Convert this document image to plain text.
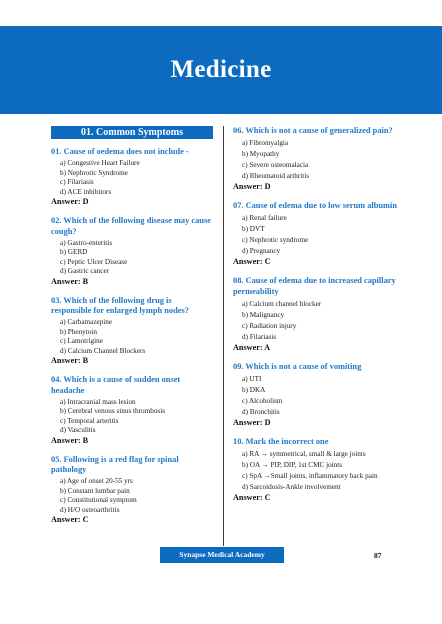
Medicine
01. Common Symptoms
01. Cause of oedema does not include -
a) Congestive Heart Failure
b) Nephrotic Syndrome
c) Filariasis
d) ACE inhibitors
Answer: D
02. Which of the following disease may cause cough?
a) Gastro-enteritis
b) GERD
c) Peptic Ulcer Disease
d) Gastric cancer
Answer: B
03. Which of the following drug is responsible for enlarged lymph nodes?
a) Carbamazepine
b) Phenytoin
c) Lamotrigine
d) Calcium Channel Blockers
Answer: B
04. Which is a cause of sudden onset headache
a) Intracranial mass lesion
b) Cerebral venous sinus thrombosis
c) Temporal arteritis
d) Vasculitis
Answer: B
05. Following is a red flag for spinal pathology
a) Age of onset 20-55 yrs
b) Constant lumbar pain
c) Constitutional symptom
d) H/O osteoarthritis
Answer: C
06. Which is not a cause of generalized pain?
a) Fibromyalgia
b) Myopathy
c) Severe osteomalacia
d) Rheumatoid arthritis
Answer: D
07. Cause of edema due to low serum albumin
a) Renal failure
b) DVT
c) Nephrotic syndrome
d) Pregnancy
Answer: C
08. Cause of edema due to increased capillary permeability
a) Calcium channel blocker
b) Malignancy
c) Radiation injury
d) Filariasis
Answer: A
09. Which is not a cause of vomiting
a) UTI
b) DKA
c) Alcoholism
d) Bronchitis
Answer: D
10. Mark the incorrect one
a) RA → symmetrical, small & large joints
b) OA → PIP, DIP, 1st CMC joints
c) SpA →Small joints, inflammatory back pain
d) Sarcoidosis-Ankle involvement
Answer: C
Synapse Medical Academy	87
